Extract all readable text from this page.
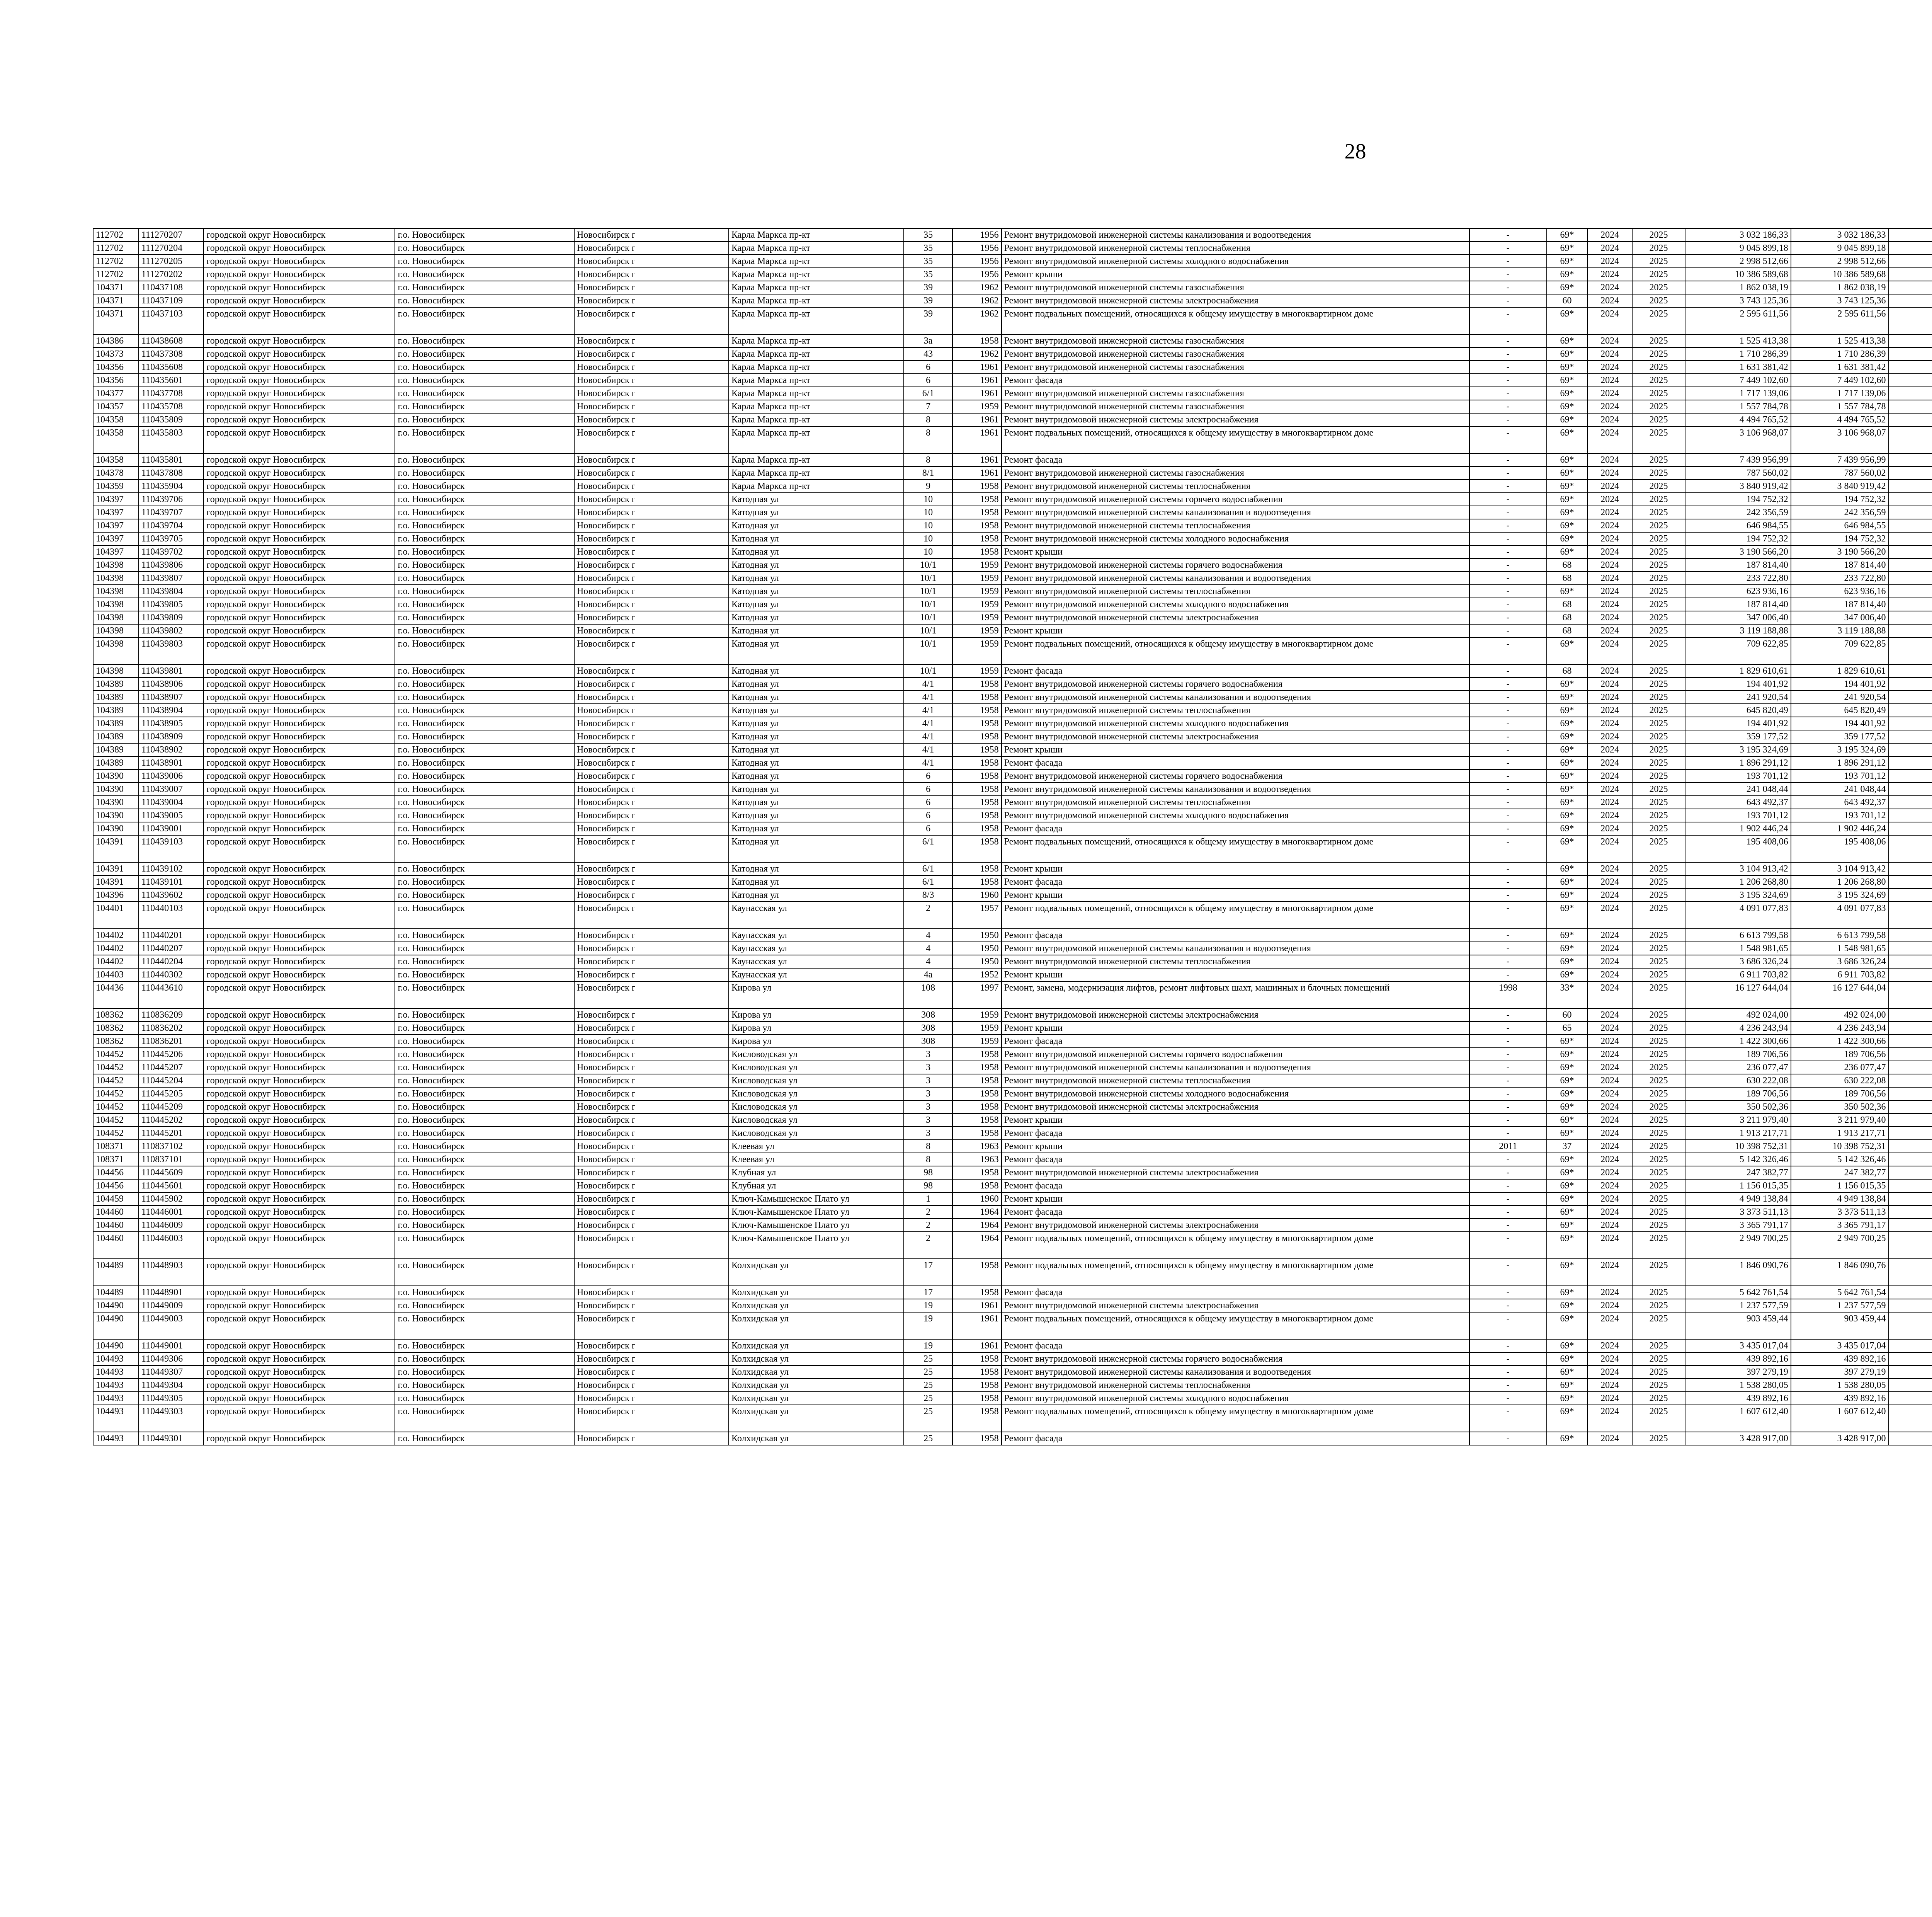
28
112702	111270207	городской округ Новосибирск	г.о. Новосибирск	Новосибирск г	Карла Маркса пр-кт	35	1956	Ремонт внутридомовой инженерной системы канализования и водоотведения	-	69*	2024	2025	3 032 186,33	3 032 186,33						
112702	111270204	городской округ Новосибирск	г.о. Новосибирск	Новосибирск г	Карла Маркса пр-кт	35	1956	Ремонт внутридомовой инженерной системы теплоснабжения	-	69*	2024	2025	9 045 899,18	9 045 899,18						
112702	111270205	городской округ Новосибирск	г.о. Новосибирск	Новосибирск г	Карла Маркса пр-кт	35	1956	Ремонт внутридомовой инженерной системы холодного водоснабжения	-	69*	2024	2025	2 998 512,66	2 998 512,66						
112702	111270202	городской округ Новосибирск	г.о. Новосибирск	Новосибирск г	Карла Маркса пр-кт	35	1956	Ремонт крыши	-	69*	2024	2025	10 386 589,68	10 386 589,68						
104371	110437108	городской округ Новосибирск	г.о. Новосибирск	Новосибирск г	Карла Маркса пр-кт	39	1962	Ремонт внутридомовой инженерной системы газоснабжения	-	69*	2024	2025	1 862 038,19	1 862 038,19						
104371	110437109	городской округ Новосибирск	г.о. Новосибирск	Новосибирск г	Карла Маркса пр-кт	39	1962	Ремонт внутридомовой инженерной системы электроснабжения	-	60	2024	2025	3 743 125,36	3 743 125,36						
104371	110437103	городской округ Новосибирск	г.о. Новосибирск	Новосибирск г	Карла Маркса пр-кт	39	1962	Ремонт подвальных помещений, относящихся к общему имуществу в многоквартирном доме	-	69*	2024	2025	2 595 611,56	2 595 611,56						
104386	110438608	городской округ Новосибирск	г.о. Новосибирск	Новосибирск г	Карла Маркса пр-кт	3а	1958	Ремонт внутридомовой инженерной системы газоснабжения	-	69*	2024	2025	1 525 413,38	1 525 413,38						
104373	110437308	городской округ Новосибирск	г.о. Новосибирск	Новосибирск г	Карла Маркса пр-кт	43	1962	Ремонт внутридомовой инженерной системы газоснабжения	-	69*	2024	2025	1 710 286,39	1 710 286,39						
104356	110435608	городской округ Новосибирск	г.о. Новосибирск	Новосибирск г	Карла Маркса пр-кт	6	1961	Ремонт внутридомовой инженерной системы газоснабжения	-	69*	2024	2025	1 631 381,42	1 631 381,42						
104356	110435601	городской округ Новосибирск	г.о. Новосибирск	Новосибирск г	Карла Маркса пр-кт	6	1961	Ремонт фасада	-	69*	2024	2025	7 449 102,60	7 449 102,60						
104377	110437708	городской округ Новосибирск	г.о. Новосибирск	Новосибирск г	Карла Маркса пр-кт	6/1	1961	Ремонт внутридомовой инженерной системы газоснабжения	-	69*	2024	2025	1 717 139,06	1 717 139,06						
104357	110435708	городской округ Новосибирск	г.о. Новосибирск	Новосибирск г	Карла Маркса пр-кт	7	1959	Ремонт внутридомовой инженерной системы газоснабжения	-	69*	2024	2025	1 557 784,78	1 557 784,78						
104358	110435809	городской округ Новосибирск	г.о. Новосибирск	Новосибирск г	Карла Маркса пр-кт	8	1961	Ремонт внутридомовой инженерной системы электроснабжения	-	69*	2024	2025	4 494 765,52	4 494 765,52						
104358	110435803	городской округ Новосибирск	г.о. Новосибирск	Новосибирск г	Карла Маркса пр-кт	8	1961	Ремонт подвальных помещений, относящихся к общему имуществу в многоквартирном доме	-	69*	2024	2025	3 106 968,07	3 106 968,07						
104358	110435801	городской округ Новосибирск	г.о. Новосибирск	Новосибирск г	Карла Маркса пр-кт	8	1961	Ремонт фасада	-	69*	2024	2025	7 439 956,99	7 439 956,99						
104378	110437808	городской округ Новосибирск	г.о. Новосибирск	Новосибирск г	Карла Маркса пр-кт	8/1	1961	Ремонт внутридомовой инженерной системы газоснабжения	-	69*	2024	2025	787 560,02	787 560,02						
104359	110435904	городской округ Новосибирск	г.о. Новосибирск	Новосибирск г	Карла Маркса пр-кт	9	1958	Ремонт внутридомовой инженерной системы теплоснабжения	-	69*	2024	2025	3 840 919,42	3 840 919,42						
104397	110439706	городской округ Новосибирск	г.о. Новосибирск	Новосибирск г	Катодная ул	10	1958	Ремонт внутридомовой инженерной системы горячего водоснабжения	-	69*	2024	2025	194 752,32	194 752,32						
104397	110439707	городской округ Новосибирск	г.о. Новосибирск	Новосибирск г	Катодная ул	10	1958	Ремонт внутридомовой инженерной системы канализования и водоотведения	-	69*	2024	2025	242 356,59	242 356,59						
104397	110439704	городской округ Новосибирск	г.о. Новосибирск	Новосибирск г	Катодная ул	10	1958	Ремонт внутридомовой инженерной системы теплоснабжения	-	69*	2024	2025	646 984,55	646 984,55						
104397	110439705	городской округ Новосибирск	г.о. Новосибирск	Новосибирск г	Катодная ул	10	1958	Ремонт внутридомовой инженерной системы холодного водоснабжения	-	69*	2024	2025	194 752,32	194 752,32						
104397	110439702	городской округ Новосибирск	г.о. Новосибирск	Новосибирск г	Катодная ул	10	1958	Ремонт крыши	-	69*	2024	2025	3 190 566,20	3 190 566,20						
104398	110439806	городской округ Новосибирск	г.о. Новосибирск	Новосибирск г	Катодная ул	10/1	1959	Ремонт внутридомовой инженерной системы горячего водоснабжения	-	68	2024	2025	187 814,40	187 814,40						
104398	110439807	городской округ Новосибирск	г.о. Новосибирск	Новосибирск г	Катодная ул	10/1	1959	Ремонт внутридомовой инженерной системы канализования и водоотведения	-	68	2024	2025	233 722,80	233 722,80						
104398	110439804	городской округ Новосибирск	г.о. Новосибирск	Новосибирск г	Катодная ул	10/1	1959	Ремонт внутридомовой инженерной системы теплоснабжения	-	69*	2024	2025	623 936,16	623 936,16						
104398	110439805	городской округ Новосибирск	г.о. Новосибирск	Новосибирск г	Катодная ул	10/1	1959	Ремонт внутридомовой инженерной системы холодного водоснабжения	-	68	2024	2025	187 814,40	187 814,40						
104398	110439809	городской округ Новосибирск	г.о. Новосибирск	Новосибирск г	Катодная ул	10/1	1959	Ремонт внутридомовой инженерной системы электроснабжения	-	68	2024	2025	347 006,40	347 006,40						
104398	110439802	городской округ Новосибирск	г.о. Новосибирск	Новосибирск г	Катодная ул	10/1	1959	Ремонт крыши	-	68	2024	2025	3 119 188,88	3 119 188,88						
104398	110439803	городской округ Новосибирск	г.о. Новосибирск	Новосибирск г	Катодная ул	10/1	1959	Ремонт подвальных помещений, относящихся к общему имуществу в многоквартирном доме	-	69*	2024	2025	709 622,85	709 622,85						
104398	110439801	городской округ Новосибирск	г.о. Новосибирск	Новосибирск г	Катодная ул	10/1	1959	Ремонт фасада	-	68	2024	2025	1 829 610,61	1 829 610,61						
104389	110438906	городской округ Новосибирск	г.о. Новосибирск	Новосибирск г	Катодная ул	4/1	1958	Ремонт внутридомовой инженерной системы горячего водоснабжения	-	69*	2024	2025	194 401,92	194 401,92						
104389	110438907	городской округ Новосибирск	г.о. Новосибирск	Новосибирск г	Катодная ул	4/1	1958	Ремонт внутридомовой инженерной системы канализования и водоотведения	-	69*	2024	2025	241 920,54	241 920,54						
104389	110438904	городской округ Новосибирск	г.о. Новосибирск	Новосибирск г	Катодная ул	4/1	1958	Ремонт внутридомовой инженерной системы теплоснабжения	-	69*	2024	2025	645 820,49	645 820,49						
104389	110438905	городской округ Новосибирск	г.о. Новосибирск	Новосибирск г	Катодная ул	4/1	1958	Ремонт внутридомовой инженерной системы холодного водоснабжения	-	69*	2024	2025	194 401,92	194 401,92						
104389	110438909	городской округ Новосибирск	г.о. Новосибирск	Новосибирск г	Катодная ул	4/1	1958	Ремонт внутридомовой инженерной системы электроснабжения	-	69*	2024	2025	359 177,52	359 177,52						
104389	110438902	городской округ Новосибирск	г.о. Новосибирск	Новосибирск г	Катодная ул	4/1	1958	Ремонт крыши	-	69*	2024	2025	3 195 324,69	3 195 324,69						
104389	110438901	городской округ Новосибирск	г.о. Новосибирск	Новосибирск г	Катодная ул	4/1	1958	Ремонт фасада	-	69*	2024	2025	1 896 291,12	1 896 291,12						
104390	110439006	городской округ Новосибирск	г.о. Новосибирск	Новосибирск г	Катодная ул	6	1958	Ремонт внутридомовой инженерной системы горячего водоснабжения	-	69*	2024	2025	193 701,12	193 701,12						
104390	110439007	городской округ Новосибирск	г.о. Новосибирск	Новосибирск г	Катодная ул	6	1958	Ремонт внутридомовой инженерной системы канализования и водоотведения	-	69*	2024	2025	241 048,44	241 048,44						
104390	110439004	городской округ Новосибирск	г.о. Новосибирск	Новосибирск г	Катодная ул	6	1958	Ремонт внутридомовой инженерной системы теплоснабжения	-	69*	2024	2025	643 492,37	643 492,37						
104390	110439005	городской округ Новосибирск	г.о. Новосибирск	Новосибирск г	Катодная ул	6	1958	Ремонт внутридомовой инженерной системы холодного водоснабжения	-	69*	2024	2025	193 701,12	193 701,12						
104390	110439001	городской округ Новосибирск	г.о. Новосибирск	Новосибирск г	Катодная ул	6	1958	Ремонт фасада	-	69*	2024	2025	1 902 446,24	1 902 446,24						
104391	110439103	городской округ Новосибирск	г.о. Новосибирск	Новосибирск г	Катодная ул	6/1	1958	Ремонт подвальных помещений, относящихся к общему имуществу в многоквартирном доме	-	69*	2024	2025	195 408,06	195 408,06						
104391	110439102	городской округ Новосибирск	г.о. Новосибирск	Новосибирск г	Катодная ул	6/1	1958	Ремонт крыши	-	69*	2024	2025	3 104 913,42	3 104 913,42						
104391	110439101	городской округ Новосибирск	г.о. Новосибирск	Новосибирск г	Катодная ул	6/1	1958	Ремонт фасада	-	69*	2024	2025	1 206 268,80	1 206 268,80						
104396	110439602	городской округ Новосибирск	г.о. Новосибирск	Новосибирск г	Катодная ул	8/3	1960	Ремонт крыши	-	69*	2024	2025	3 195 324,69	3 195 324,69						
104401	110440103	городской округ Новосибирск	г.о. Новосибирск	Новосибирск г	Каунасская ул	2	1957	Ремонт подвальных помещений, относящихся к общему имуществу в многоквартирном доме	-	69*	2024	2025	4 091 077,83	4 091 077,83						
104402	110440201	городской округ Новосибирск	г.о. Новосибирск	Новосибирск г	Каунасская ул	4	1950	Ремонт фасада	-	69*	2024	2025	6 613 799,58	6 613 799,58						
104402	110440207	городской округ Новосибирск	г.о. Новосибирск	Новосибирск г	Каунасская ул	4	1950	Ремонт внутридомовой инженерной системы канализования и водоотведения	-	69*	2024	2025	1 548 981,65	1 548 981,65						
104402	110440204	городской округ Новосибирск	г.о. Новосибирск	Новосибирск г	Каунасская ул	4	1950	Ремонт внутридомовой инженерной системы теплоснабжения	-	69*	2024	2025	3 686 326,24	3 686 326,24						
104403	110440302	городской округ Новосибирск	г.о. Новосибирск	Новосибирск г	Каунасская ул	4а	1952	Ремонт крыши	-	69*	2024	2025	6 911 703,82	6 911 703,82						
104436	110443610	городской округ Новосибирск	г.о. Новосибирск	Новосибирск г	Кирова ул	108	1997	Ремонт, замена, модернизация лифтов, ремонт лифтовых шахт, машинных и блочных помещений	1998	33*	2024	2025	16 127 644,04	16 127 644,04						
108362	110836209	городской округ Новосибирск	г.о. Новосибирск	Новосибирск г	Кирова ул	308	1959	Ремонт внутридомовой инженерной системы электроснабжения	-	60	2024	2025	492 024,00	492 024,00						
108362	110836202	городской округ Новосибирск	г.о. Новосибирск	Новосибирск г	Кирова ул	308	1959	Ремонт крыши	-	65	2024	2025	4 236 243,94	4 236 243,94						
108362	110836201	городской округ Новосибирск	г.о. Новосибирск	Новосибирск г	Кирова ул	308	1959	Ремонт фасада	-	69*	2024	2025	1 422 300,66	1 422 300,66						
104452	110445206	городской округ Новосибирск	г.о. Новосибирск	Новосибирск г	Кисловодская ул	3	1958	Ремонт внутридомовой инженерной системы горячего водоснабжения	-	69*	2024	2025	189 706,56	189 706,56						
104452	110445207	городской округ Новосибирск	г.о. Новосибирск	Новосибирск г	Кисловодская ул	3	1958	Ремонт внутридомовой инженерной системы канализования и водоотведения	-	69*	2024	2025	236 077,47	236 077,47						
104452	110445204	городской округ Новосибирск	г.о. Новосибирск	Новосибирск г	Кисловодская ул	3	1958	Ремонт внутридомовой инженерной системы теплоснабжения	-	69*	2024	2025	630 222,08	630 222,08						
104452	110445205	городской округ Новосибирск	г.о. Новосибирск	Новосибирск г	Кисловодская ул	3	1958	Ремонт внутридомовой инженерной системы холодного водоснабжения	-	69*	2024	2025	189 706,56	189 706,56						
104452	110445209	городской округ Новосибирск	г.о. Новосибирск	Новосибирск г	Кисловодская ул	3	1958	Ремонт внутридомовой инженерной системы электроснабжения	-	69*	2024	2025	350 502,36	350 502,36						
104452	110445202	городской округ Новосибирск	г.о. Новосибирск	Новосибирск г	Кисловодская ул	3	1958	Ремонт крыши	-	69*	2024	2025	3 211 979,40	3 211 979,40						
104452	110445201	городской округ Новосибирск	г.о. Новосибирск	Новосибирск г	Кисловодская ул	3	1958	Ремонт фасада	-	69*	2024	2025	1 913 217,71	1 913 217,71						
108371	110837102	городской округ Новосибирск	г.о. Новосибирск	Новосибирск г	Клеевая ул	8	1963	Ремонт крыши	2011	37	2024	2025	10 398 752,31	10 398 752,31						
108371	110837101	городской округ Новосибирск	г.о. Новосибирск	Новосибирск г	Клеевая ул	8	1963	Ремонт фасада	-	69*	2024	2025	5 142 326,46	5 142 326,46						
104456	110445609	городской округ Новосибирск	г.о. Новосибирск	Новосибирск г	Клубная ул	98	1958	Ремонт внутридомовой инженерной системы электроснабжения	-	69*	2024	2025	247 382,77	247 382,77						
104456	110445601	городской округ Новосибирск	г.о. Новосибирск	Новосибирск г	Клубная ул	98	1958	Ремонт фасада	-	69*	2024	2025	1 156 015,35	1 156 015,35						
104459	110445902	городской округ Новосибирск	г.о. Новосибирск	Новосибирск г	Ключ-Камышенское Плато ул	1	1960	Ремонт крыши	-	69*	2024	2025	4 949 138,84	4 949 138,84						
104460	110446001	городской округ Новосибирск	г.о. Новосибирск	Новосибирск г	Ключ-Камышенское Плато ул	2	1964	Ремонт фасада	-	69*	2024	2025	3 373 511,13	3 373 511,13						
104460	110446009	городской округ Новосибирск	г.о. Новосибирск	Новосибирск г	Ключ-Камышенское Плато ул	2	1964	Ремонт внутридомовой инженерной системы электроснабжения	-	69*	2024	2025	3 365 791,17	3 365 791,17						
104460	110446003	городской округ Новосибирск	г.о. Новосибирск	Новосибирск г	Ключ-Камышенское Плато ул	2	1964	Ремонт подвальных помещений, относящихся к общему имуществу в многоквартирном доме	-	69*	2024	2025	2 949 700,25	2 949 700,25						
104489	110448903	городской округ Новосибирск	г.о. Новосибирск	Новосибирск г	Колхидская ул	17	1958	Ремонт подвальных помещений, относящихся к общему имуществу в многоквартирном доме	-	69*	2024	2025	1 846 090,76	1 846 090,76						
104489	110448901	городской округ Новосибирск	г.о. Новосибирск	Новосибирск г	Колхидская ул	17	1958	Ремонт фасада	-	69*	2024	2025	5 642 761,54	5 642 761,54						
104490	110449009	городской округ Новосибирск	г.о. Новосибирск	Новосибирск г	Колхидская ул	19	1961	Ремонт внутридомовой инженерной системы электроснабжения	-	69*	2024	2025	1 237 577,59	1 237 577,59						
104490	110449003	городской округ Новосибирск	г.о. Новосибирск	Новосибирск г	Колхидская ул	19	1961	Ремонт подвальных помещений, относящихся к общему имуществу в многоквартирном доме	-	69*	2024	2025	903 459,44	903 459,44						
104490	110449001	городской округ Новосибирск	г.о. Новосибирск	Новосибирск г	Колхидская ул	19	1961	Ремонт фасада	-	69*	2024	2025	3 435 017,04	3 435 017,04						
104493	110449306	городской округ Новосибирск	г.о. Новосибирск	Новосибирск г	Колхидская ул	25	1958	Ремонт внутридомовой инженерной системы горячего водоснабжения	-	69*	2024	2025	439 892,16	439 892,16						
104493	110449307	городской округ Новосибирск	г.о. Новосибирск	Новосибирск г	Колхидская ул	25	1958	Ремонт внутридомовой инженерной системы канализования и водоотведения	-	69*	2024	2025	397 279,19	397 279,19						
104493	110449304	городской округ Новосибирск	г.о. Новосибирск	Новосибирск г	Колхидская ул	25	1958	Ремонт внутридомовой инженерной системы теплоснабжения	-	69*	2024	2025	1 538 280,05	1 538 280,05						
104493	110449305	городской округ Новосибирск	г.о. Новосибирск	Новосибирск г	Колхидская ул	25	1958	Ремонт внутридомовой инженерной системы холодного водоснабжения	-	69*	2024	2025	439 892,16	439 892,16						
104493	110449303	городской округ Новосибирск	г.о. Новосибирск	Новосибирск г	Колхидская ул	25	1958	Ремонт подвальных помещений, относящихся к общему имуществу в многоквартирном доме	-	69*	2024	2025	1 607 612,40	1 607 612,40						
104493	110449301	городской округ Новосибирск	г.о. Новосибирск	Новосибирск г	Колхидская ул	25	1958	Ремонт фасада	-	69*	2024	2025	3 428 917,00	3 428 917,00						
